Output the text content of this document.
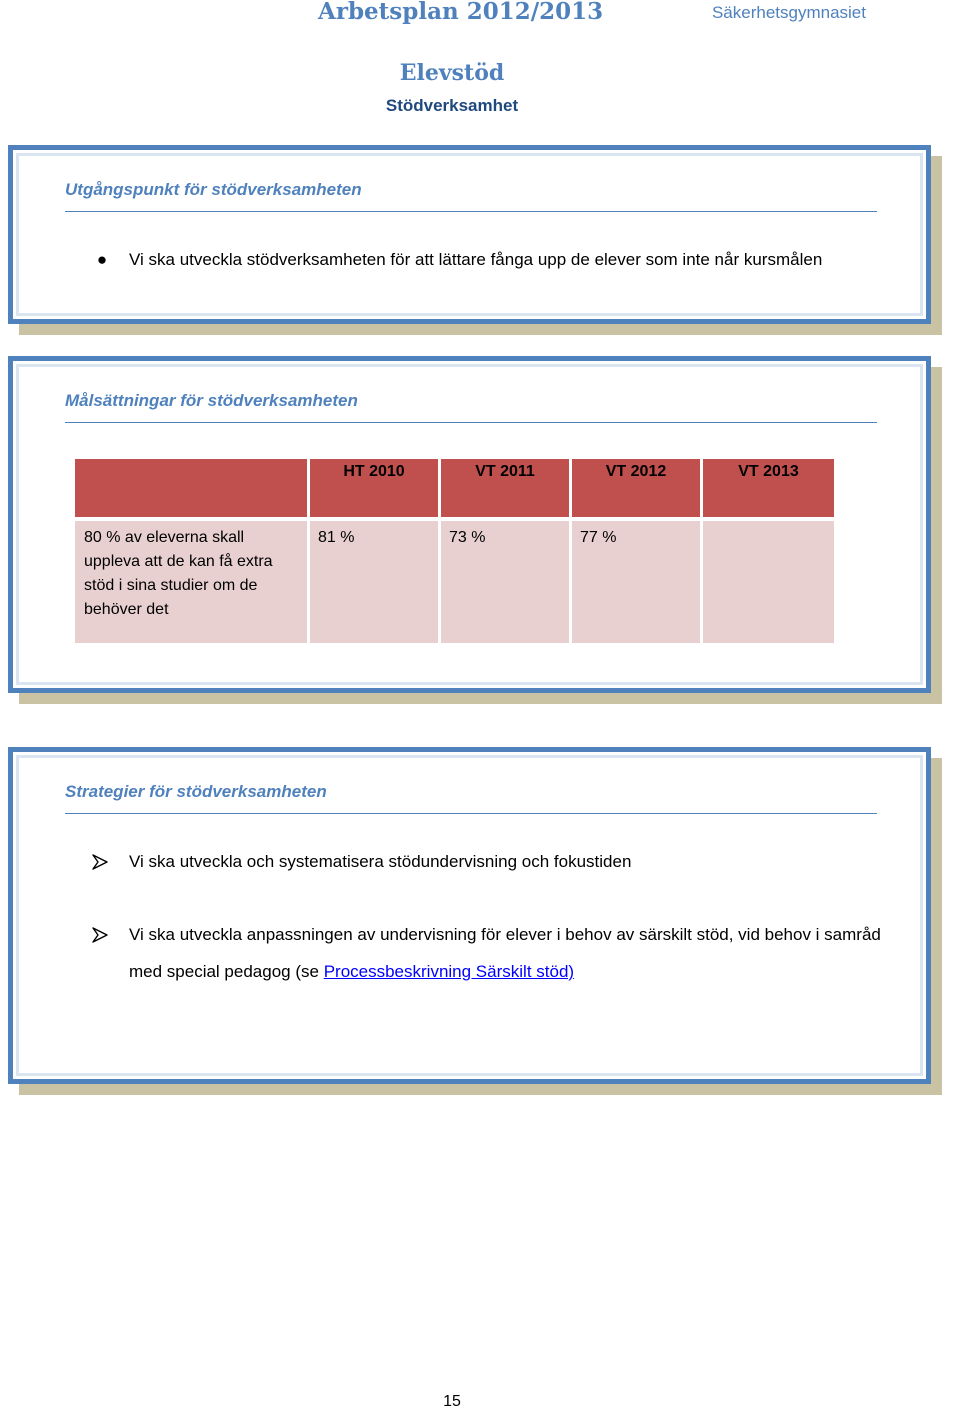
Arbetsplan 2012/2013	Säkerhetsgymnasiet
Elevstöd
Stödverksamhet
Utgångspunkt för stödverksamheten
●	Vi ska utveckla stödverksamheten för att lättare fånga upp de elever som inte når kursmålen
Målsättningar för stödverksamheten
	HT 2010	VT 2011	VT 2012	VT 2013
80 % av eleverna skall uppleva att de kan få extra stöd i sina studier om de behöver det	81 %	73 %	77 %	
Strategier för stödverksamheten
Vi ska utveckla och systematisera stödundervisning och fokustiden
Vi ska utveckla anpassningen av undervisning för elever i behov av särskilt stöd, vid behov i samråd med special pedagog (se Processbeskrivning Särskilt stöd)
15
